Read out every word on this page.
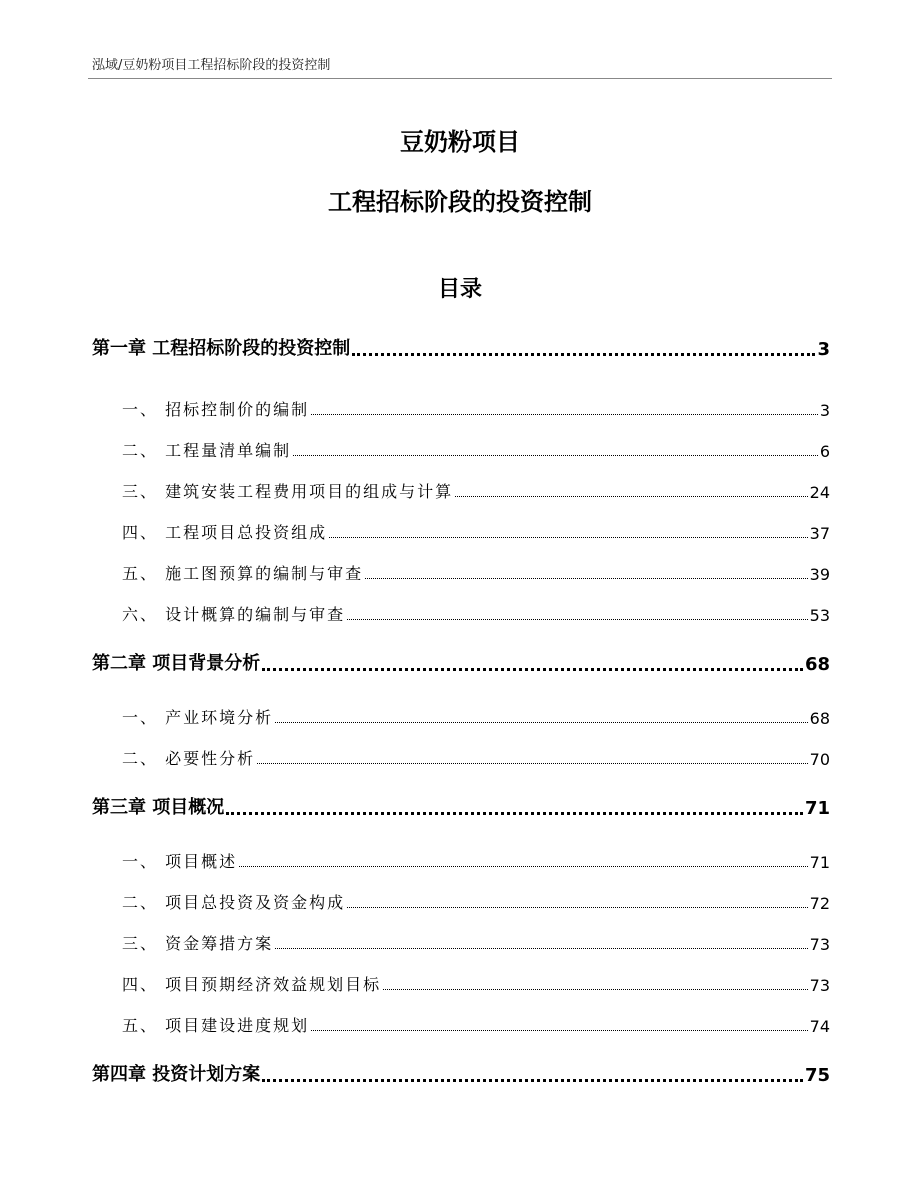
泓域/豆奶粉项目工程招标阶段的投资控制
豆奶粉项目
工程招标阶段的投资控制
目录
第一章 工程招标阶段的投资控制	3
一、 招标控制价的编制	3
二、 工程量清单编制	6
三、 建筑安装工程费用项目的组成与计算	24
四、 工程项目总投资组成	37
五、 施工图预算的编制与审查	39
六、 设计概算的编制与审查	53
第二章 项目背景分析	68
一、 产业环境分析	68
二、 必要性分析	70
第三章 项目概况	71
一、 项目概述	71
二、 项目总投资及资金构成	72
三、 资金筹措方案	73
四、 项目预期经济效益规划目标	73
五、 项目建设进度规划	74
第四章 投资计划方案	75
